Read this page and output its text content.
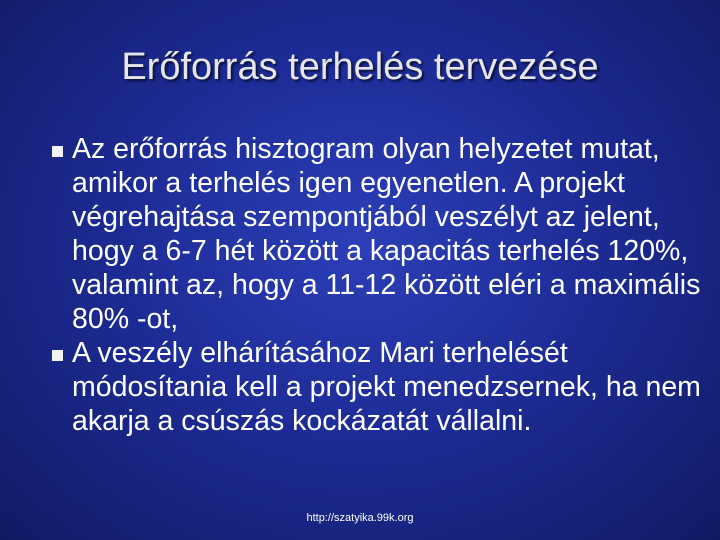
Erőforrás terhelés tervezése
Az erőforrás hisztogram olyan helyzetet mutat, amikor a terhelés igen egyenetlen. A projekt végrehajtása szempontjából veszélyt az jelent, hogy a 6-7 hét között a kapacitás terhelés 120%, valamint az, hogy a 11-12 között eléri a maximális 80% -ot,
A veszély elhárításához Mari terhelését módosítania kell a projekt menedzsernek, ha nem akarja a csúszás kockázatát vállalni.
http://szatyika.99k.org
